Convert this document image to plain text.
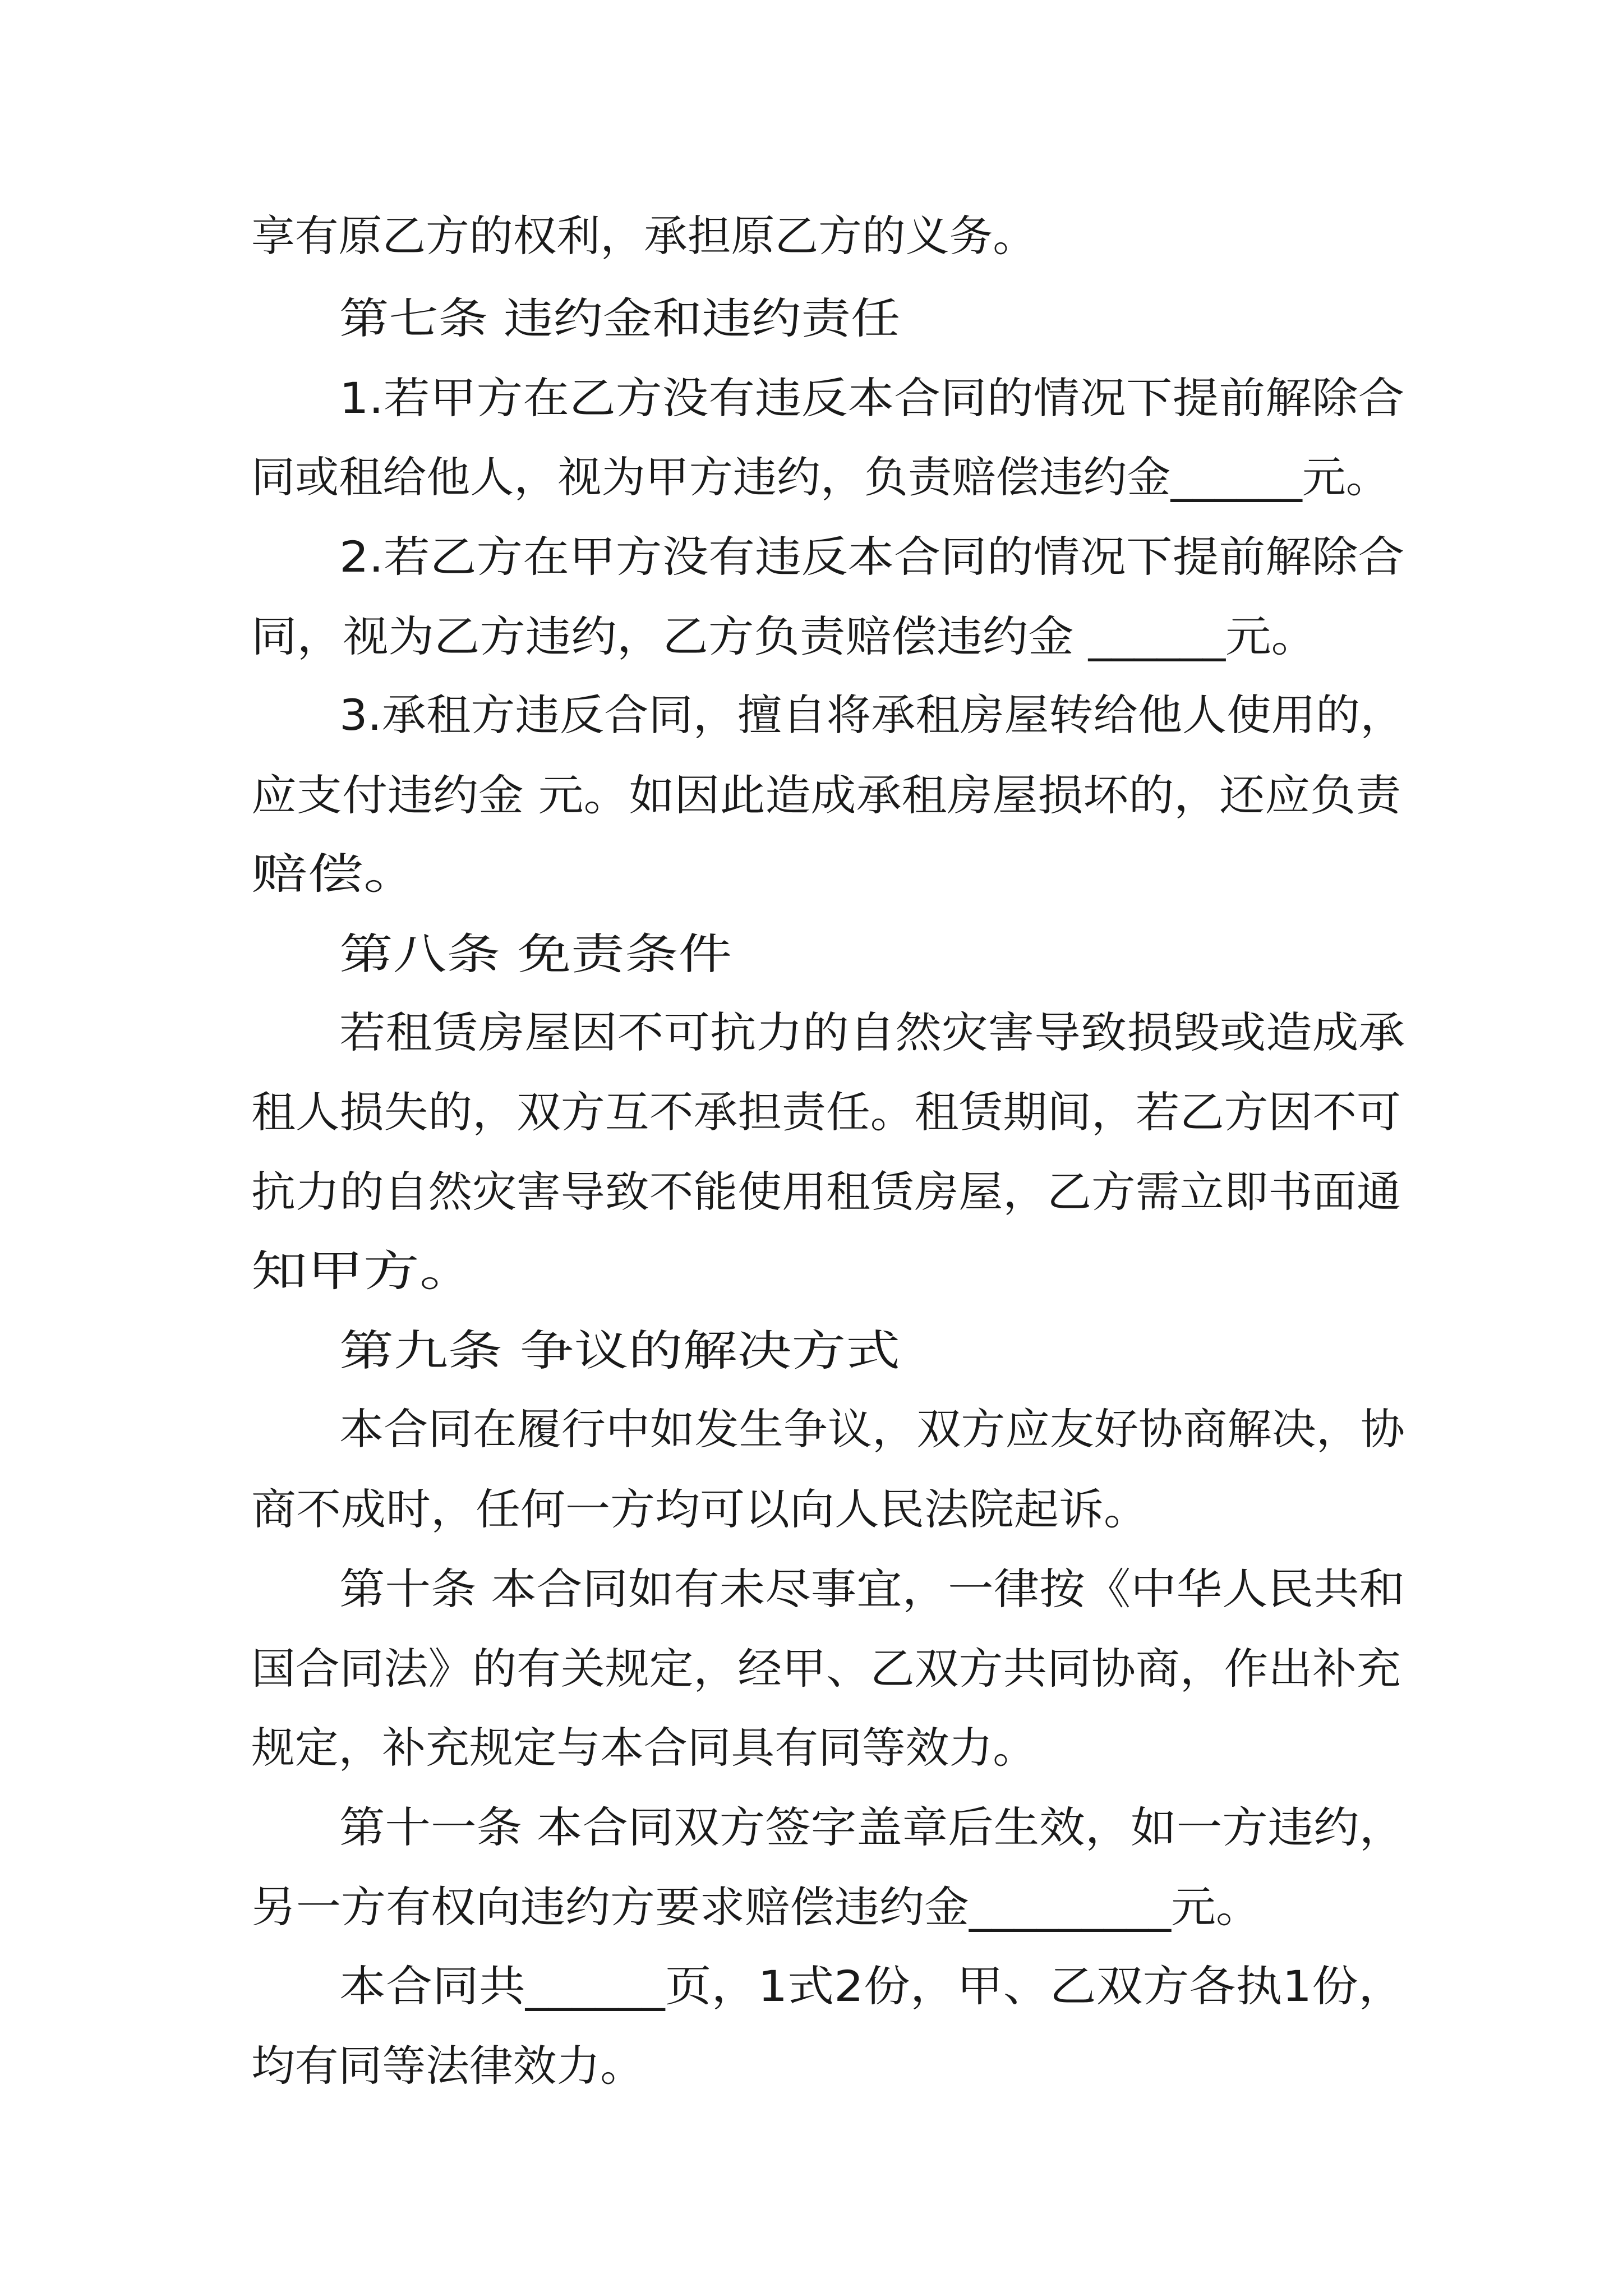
享有原乙方的权利，承担原乙方的义务。

第七条 违约金和违约责任

1.若甲方在乙方没有违反本合同的情况下提前解除合

同或租给他人，视为甲方违约，负责赔偿违约金______元。

2.若乙方在甲方没有违反本合同的情况下提前解除合

同，视为乙方违约，乙方负责赔偿违约金 ______元。

3.承租方违反合同，擅自将承租房屋转给他人使用的，

应支付违约金 元。如因此造成承租房屋损坏的，还应负责

赔偿。

第八条 免责条件

若租赁房屋因不可抗力的自然灾害导致损毁或造成承

租人损失的，双方互不承担责任。租赁期间，若乙方因不可

抗力的自然灾害导致不能使用租赁房屋，乙方需立即书面通

知甲方。

第九条 争议的解决方式

本合同在履行中如发生争议，双方应友好协商解决，协

商不成时，任何一方均可以向人民法院起诉。

第十条 本合同如有未尽事宜，一律按《中华人民共和

国合同法》的有关规定，经甲、乙双方共同协商，作出补充

规定，补充规定与本合同具有同等效力。

第十一条 本合同双方签字盖章后生效，如一方违约，

另一方有权向违约方要求赔偿违约金_________元。

本合同共______页，1式2份，甲、乙双方各执1份，

均有同等法律效力。
